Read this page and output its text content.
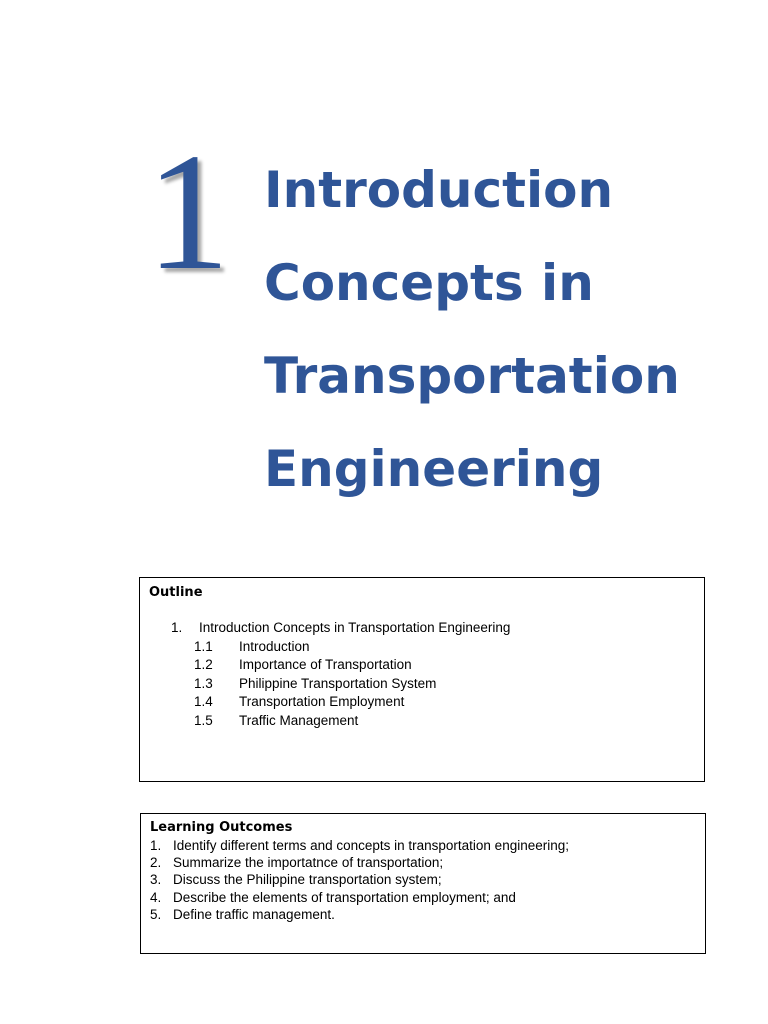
1 Introduction
Concepts in
Transportation
Engineering

Outline

1. Introduction Concepts in Transportation Engineering
1.1 Introduction
1.2 Importance of Transportation
1.3 Philippine Transportation System
1.4 Transportation Employment
1.5 Traffic Management

Learning Outcomes

1. Identify different terms and concepts in transportation engineering;
2. Summarize the importatnce of transportation;
3. Discuss the Philippine transportation system;
4. Describe the elements of transportation employment; and
5. Define traffic management.
